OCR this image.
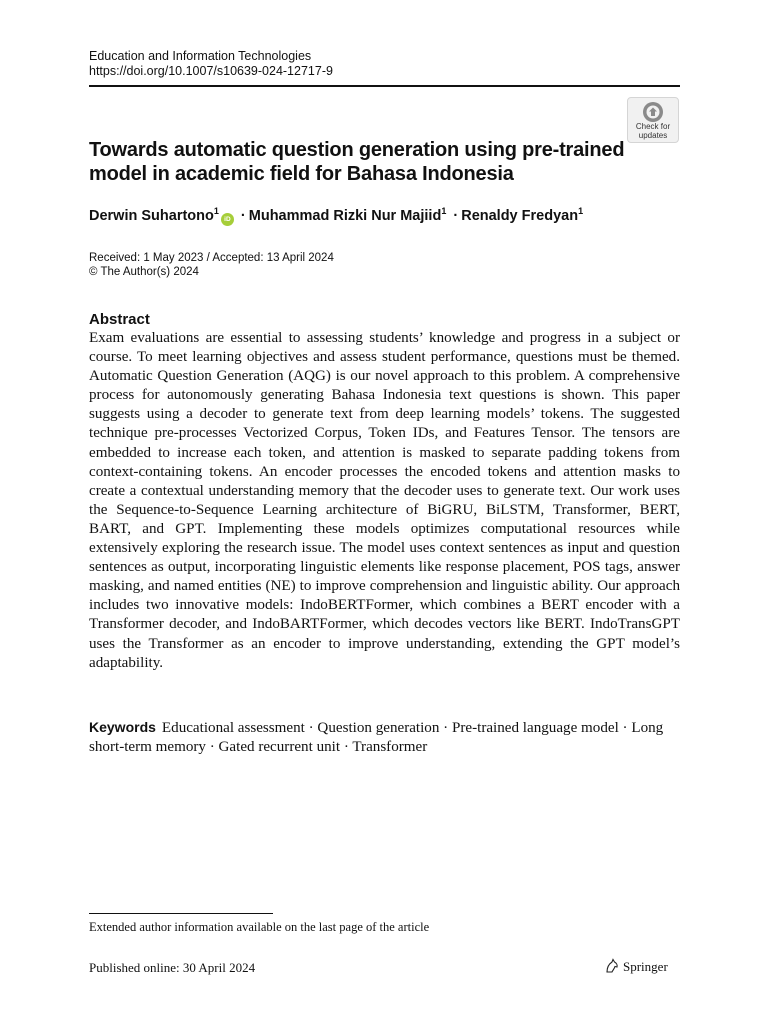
Education and Information Technologies
https://doi.org/10.1007/s10639-024-12717-9
Check for
updates
Towards automatic question generation using pre-trained model in academic field for Bahasa Indonesia
Derwin Suhartono$^1$iD · Muhammad Rizki Nur Majiid$^1$ · Renaldy Fredyan$^1$
Received: 1 May 2023 / Accepted: 13 April 2024
© The Author(s) 2024
Abstract
Exam evaluations are essential to assessing students’ knowledge and progress in a subject or course. To meet learning objectives and assess student performance, questions must be themed. Automatic Question Generation (AQG) is our novel approach to this problem. A comprehensive process for autonomously generating Bahasa Indonesia text questions is shown. This paper suggests using a decoder to generate text from deep learning models’ tokens. The suggested technique pre-processes Vectorized Corpus, Token IDs, and Features Tensor. The tensors are embedded to increase each token, and attention is masked to separate padding tokens from context-containing tokens. An encoder processes the encoded tokens and attention masks to create a contextual understanding memory that the decoder uses to generate text. Our work uses the Sequence-to-Sequence Learning architecture of BiGRU, BiLSTM, Transformer, BERT, BART, and GPT. Implementing these models optimizes computational resources while extensively exploring the research issue. The model uses context sentences as input and question sentences as output, incorporating linguistic elements like response placement, POS tags, answer masking, and named entities (NE) to improve comprehension and linguistic ability. Our approach includes two innovative models: IndoBERTFormer, which combines a BERT encoder with a Transformer decoder, and IndoBARTFormer, which decodes vectors like BERT. IndoTransGPT uses the Transformer as an encoder to improve understanding, extending the GPT model’s adaptability.
Keywords Educational assessment · Question generation · Pre-trained language model · Long short-term memory · Gated recurrent unit · Transformer
Extended author information available on the last page of the article
Published online: 30 April 2024	Springer
